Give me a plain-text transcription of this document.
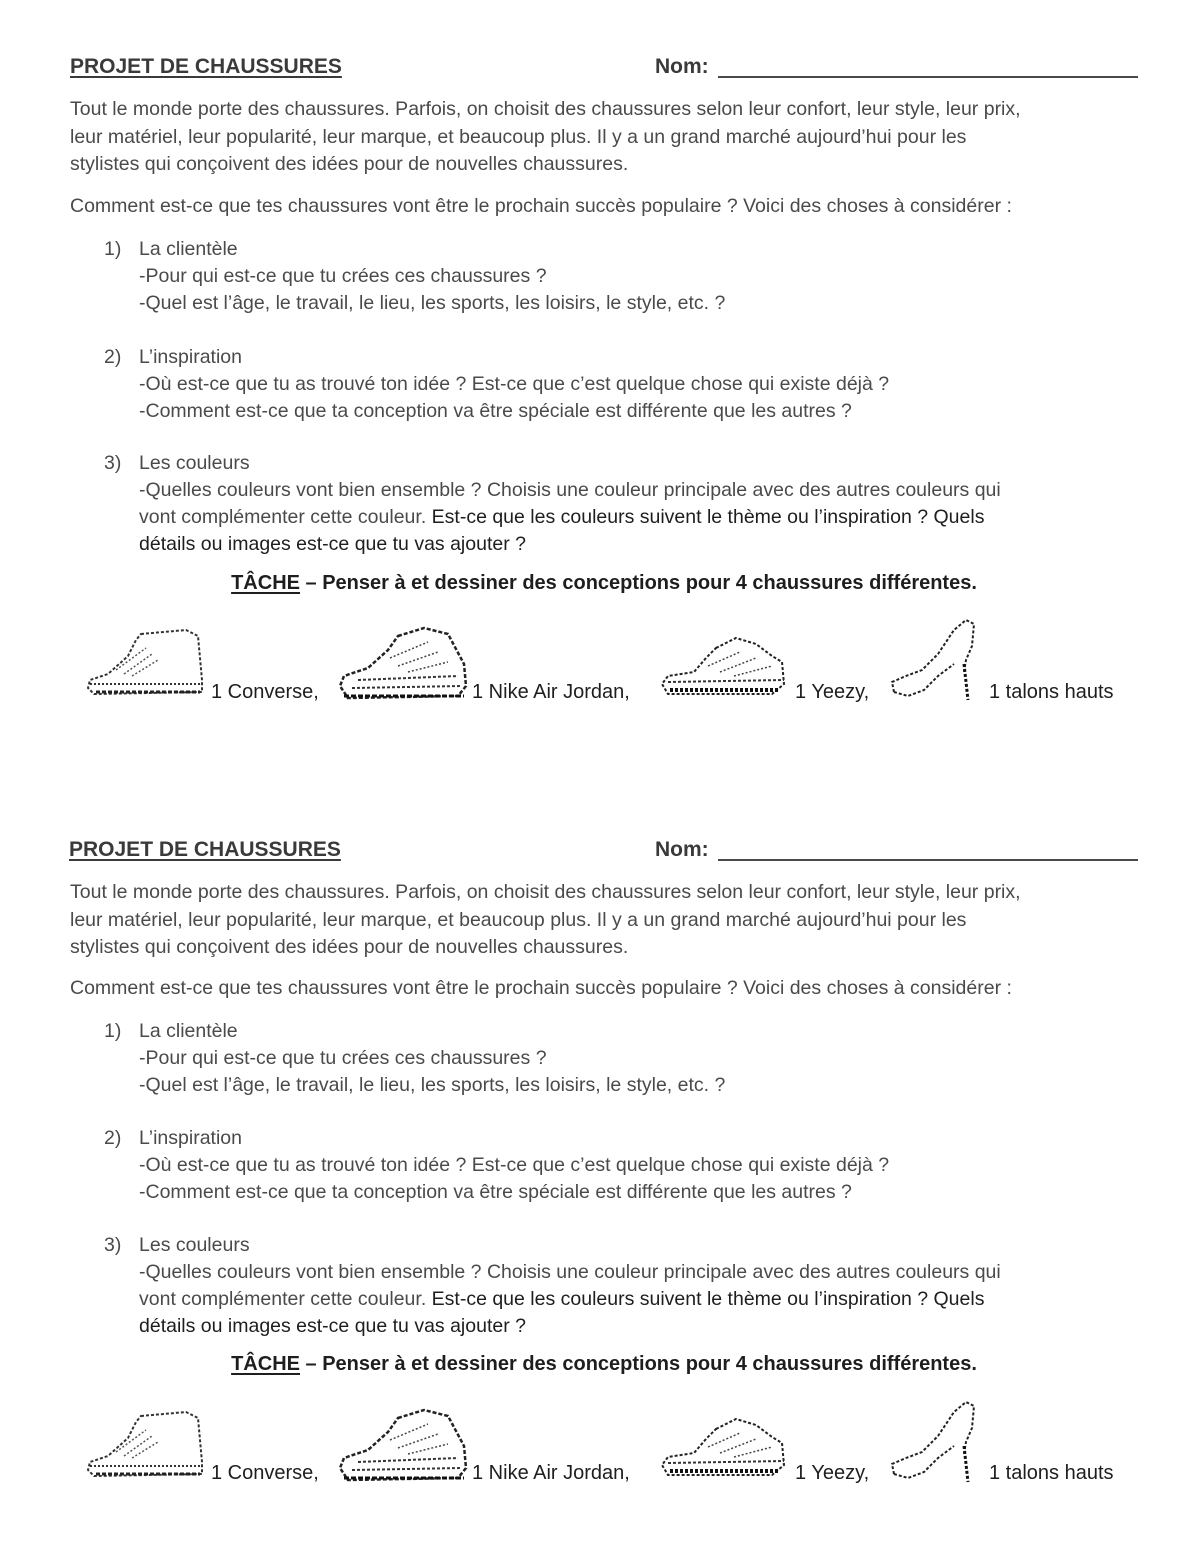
PROJET DE CHAUSSURES	Nom:

Tout le monde porte des chaussures. Parfois, on choisit des chaussures selon leur confort, leur style, leur prix,
leur matériel, leur popularité, leur marque, et beaucoup plus. Il y a un grand marché aujourd’hui pour les
stylistes qui conçoivent des idées pour de nouvelles chaussures.

Comment est-ce que tes chaussures vont être le prochain succès populaire ? Voici des choses à considérer :

1) La clientèle
-Pour qui est-ce que tu crées ces chaussures ?
-Quel est l’âge, le travail, le lieu, les sports, les loisirs, le style, etc. ?
2) L’inspiration
-Où est-ce que tu as trouvé ton idée ? Est-ce que c’est quelque chose qui existe déjà ?
-Comment est-ce que ta conception va être spéciale est différente que les autres ?
3) Les couleurs
-Quelles couleurs vont bien ensemble ? Choisis une couleur principale avec des autres couleurs qui
vont complémenter cette couleur. Est-ce que les couleurs suivent le thème ou l’inspiration ? Quels
détails ou images est-ce que tu vas ajouter ?
TÂCHE – Penser à et dessiner des conceptions pour 4 chaussures différentes.
1 Converse,	1 Nike Air Jordan,	1 Yeezy,	1 talons hauts
PROJET DE CHAUSSURES	Nom:

Tout le monde porte des chaussures. Parfois, on choisit des chaussures selon leur confort, leur style, leur prix,
leur matériel, leur popularité, leur marque, et beaucoup plus. Il y a un grand marché aujourd’hui pour les
stylistes qui conçoivent des idées pour de nouvelles chaussures.

Comment est-ce que tes chaussures vont être le prochain succès populaire ? Voici des choses à considérer :

1) La clientèle
-Pour qui est-ce que tu crées ces chaussures ?
-Quel est l’âge, le travail, le lieu, les sports, les loisirs, le style, etc. ?
2) L’inspiration
-Où est-ce que tu as trouvé ton idée ? Est-ce que c’est quelque chose qui existe déjà ?
-Comment est-ce que ta conception va être spéciale est différente que les autres ?
3) Les couleurs
-Quelles couleurs vont bien ensemble ? Choisis une couleur principale avec des autres couleurs qui
vont complémenter cette couleur. Est-ce que les couleurs suivent le thème ou l’inspiration ? Quels
détails ou images est-ce que tu vas ajouter ?
TÂCHE – Penser à et dessiner des conceptions pour 4 chaussures différentes.
1 Converse,	1 Nike Air Jordan,	1 Yeezy,	1 talons hauts
